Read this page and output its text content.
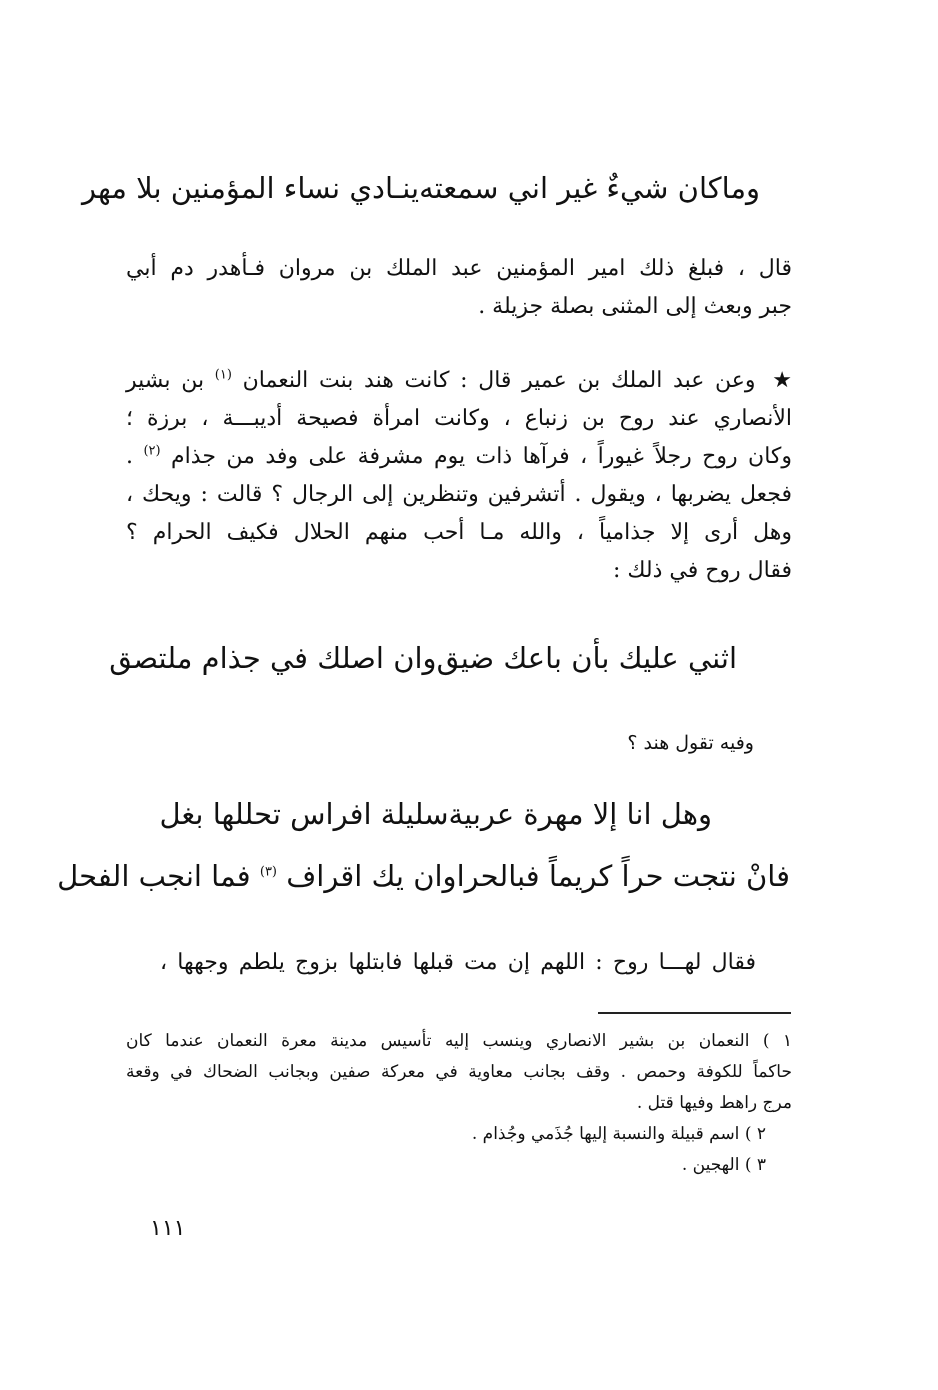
وماكان شيءٌ غير اني سمعته
ينـادي نساء المؤمنين بلا مهر

قال ، فبلغ ذلك امير المؤمنين عبد الملك بن مروان فـأهدر دم أبي

جبر وبعث إلى المثنى بصلة جزيلة .

★ وعن عبد الملك بن عمير قال : كانت هند بنت النعمان $^{(١)}$ بن بشير

الأنصاري عند روح بن زنباع ، وكانت امرأة فصيحة أديبـــة ، برزة ؛

وكان روح رجلاً غيوراً ، فرآها ذات يوم مشرفة على وفد من جذام $^{(٢)}$ .

فجعل يضربها ، ويقول . أتشرفين وتنظرين إلى الرجال ؟ قالت : ويحك ،

وهل أرى إلا جذامياً ، والله مـا أحب منهم الحلال فكيف الحرام ؟

فقال روح في ذلك :

اثني عليك بأن باعك ضيق
وان اصلك في جذام ملتصق
وفيه تقول هند ؟
وهل انا إلا مهرة عربية
سليلة افراس تحللها بغل
فانْ نتجت حراً كريماً فبالحرا
وان يك اقراف $^{(٣)}$ فما انجب الفحل

فقال لهـــا روح : اللهم إن مت قبلها فابتلها بزوج يلطم وجهها ،

١ ) النعمان بن بشير الانصاري وينسب إليه تأسيس مدينة معرة النعمان عندما كان

حاكماً للكوفة وحمص . وقف بجانب معاوية في معركة صفين وبجانب الضحاك في وقعة

مرج راهط وفيها قتل .

٢ ) اسم قبيلة والنسبة إليها جُذَمي وجُذام .

٣ ) الهجين .

١١١
